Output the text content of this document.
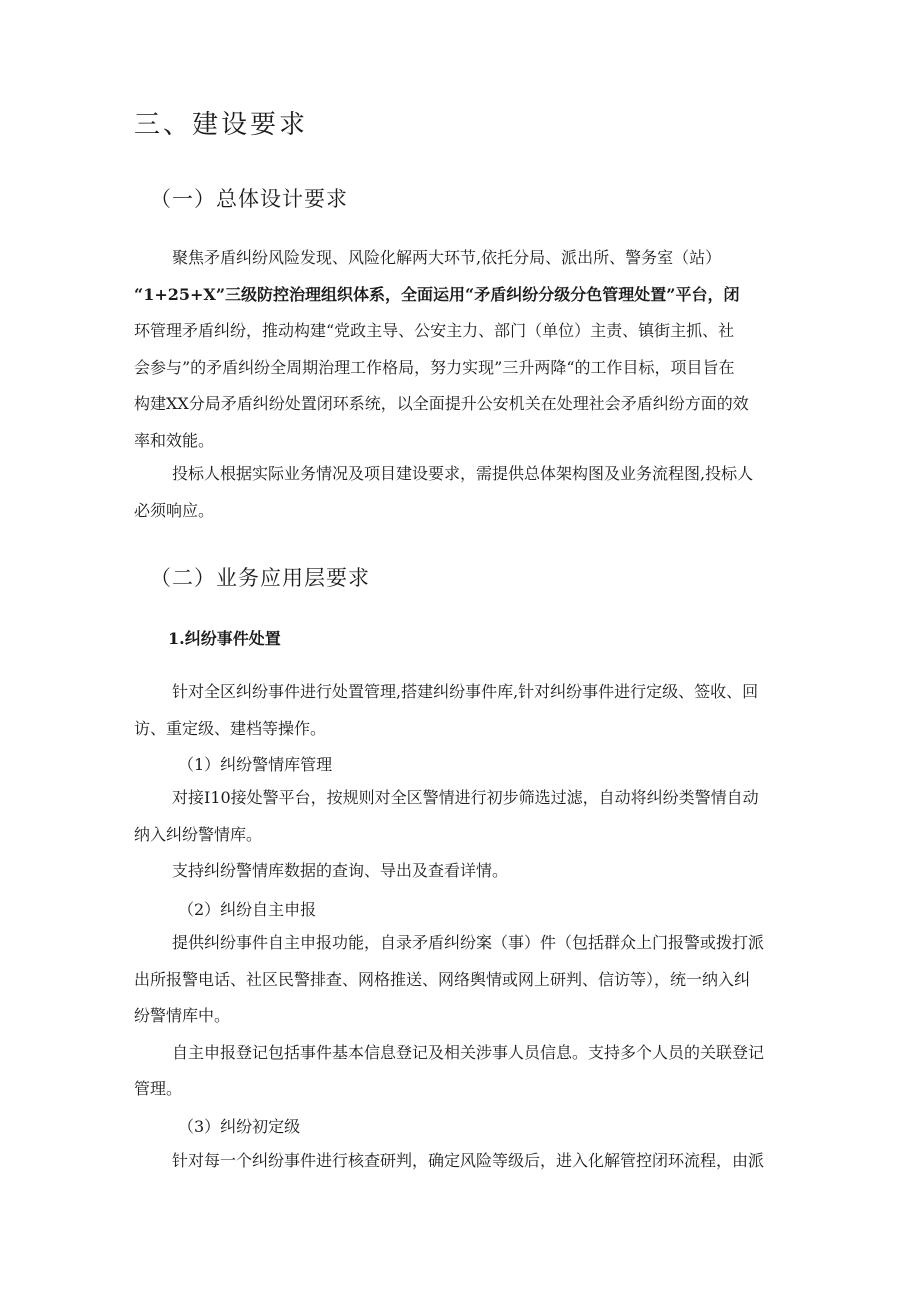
三、建设要求
（一）总体设计要求

聚焦矛盾纠纷风险发现、风险化解两大环节,依托分局、派出所、警务室（站）
“1+25+X”三级防控治理组织体系，全面运用“矛盾纠纷分级分色管理处置”平台，闭
环管理矛盾纠纷，推动构建“党政主导、公安主力、部门（单位）主责、镇街主抓、社
会参与”的矛盾纠纷全周期治理工作格局，努力实现”三升两降“的工作目标，项目旨在
构建XX分局矛盾纠纷处置闭环系统，以全面提升公安机关在处理社会矛盾纠纷方面的效
率和效能。

投标人根据实际业务情况及项目建设要求，需提供总体架构图及业务流程图,投标人
必须响应。

（二）业务应用层要求
1.纠纷事件处置

针对全区纠纷事件进行处置管理,搭建纠纷事件库,针对纠纷事件进行定级、签收、回
访、重定级、建档等操作。

（1）纠纷警情库管理

对接I10接处警平台，按规则对全区警情进行初步筛选过滤，自动将纠纷类警情自动
纳入纠纷警情库。
支持纠纷警情库数据的查询、导出及查看详情。

（2）纠纷自主申报

提供纠纷事件自主申报功能，自录矛盾纠纷案（事）件（包括群众上门报警或拨打派
出所报警电话、社区民警排查、网格推送、网络舆情或网上研判、信访等），统一纳入纠
纷警情库中。
自主申报登记包括事件基本信息登记及相关涉事人员信息。支持多个人员的关联登记
管理。

（3）纠纷初定级

针对每一个纠纷事件进行核查研判，确定风险等级后，进入化解管控闭环流程，由派
